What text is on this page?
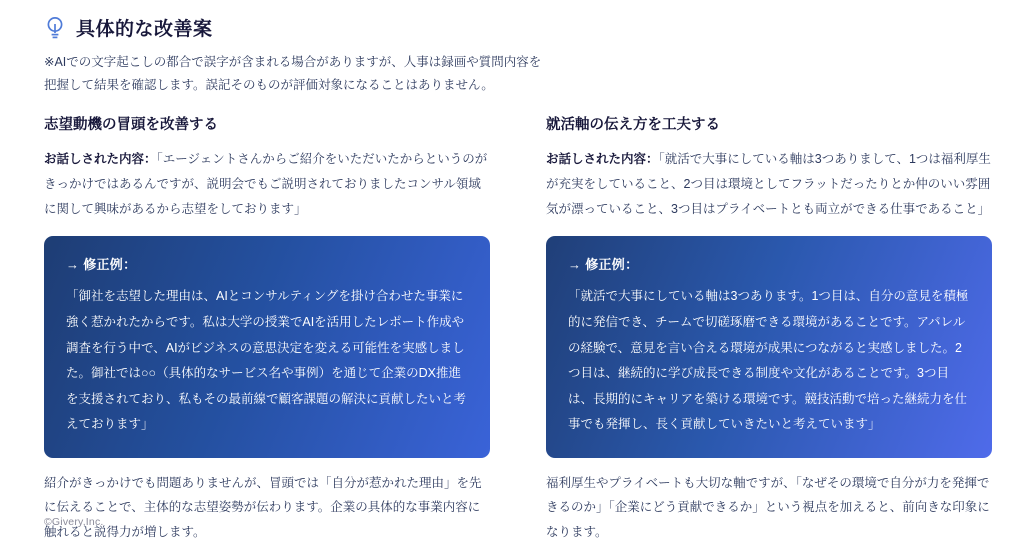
具体的な改善案
※AIでの文字起こしの都合で誤字が含まれる場合がありますが、人事は録画や質問内容を把握して結果を確認します。誤記そのものが評価対象になることはありません。
志望動機の冒頭を改善する
お話しされた内容：「エージェントさんからご紹介をいただいたからというのがきっかけではあるんですが、説明会でもご説明されておりましたコンサル領域に関して興味があるから志望をしております」
→ 修正例：
「御社を志望した理由は、AIとコンサルティングを掛け合わせた事業に強く惹かれたからです。私は大学の授業でAIを活用したレポート作成や調査を行う中で、AIがビジネスの意思決定を変える可能性を実感しました。御社では○○（具体的なサービス名や事例）を通じて企業のDX推進を支援されており、私もその最前線で顧客課題の解決に貢献したいと考えております」
紹介がきっかけでも問題ありませんが、冒頭では「自分が惹かれた理由」を先に伝えることで、主体的な志望姿勢が伝わります。企業の具体的な事業内容に触れると説得力が増します。
就活軸の伝え方を工夫する
お話しされた内容：「就活で大事にしている軸は3つありまして、1つは福利厚生が充実をしていること、2つ目は環境としてフラットだったりとか仲のいい雰囲気が漂っていること、3つ目はプライベートとも両立ができる仕事であること」
→ 修正例：
「就活で大事にしている軸は3つあります。1つ目は、自分の意見を積極的に発信でき、チームで切磋琢磨できる環境があることです。アパレルの経験で、意見を言い合える環境が成果につながると実感しました。2つ目は、継続的に学び成長できる制度や文化があることです。3つ目は、長期的にキャリアを築ける環境です。競技活動で培った継続力を仕事でも発揮し、長く貢献していきたいと考えています」
福利厚生やプライベートも大切な軸ですが、「なぜその環境で自分が力を発揮できるのか」「企業にどう貢献できるか」という視点を加えると、前向きな印象になります。
©Givery,Inc.
